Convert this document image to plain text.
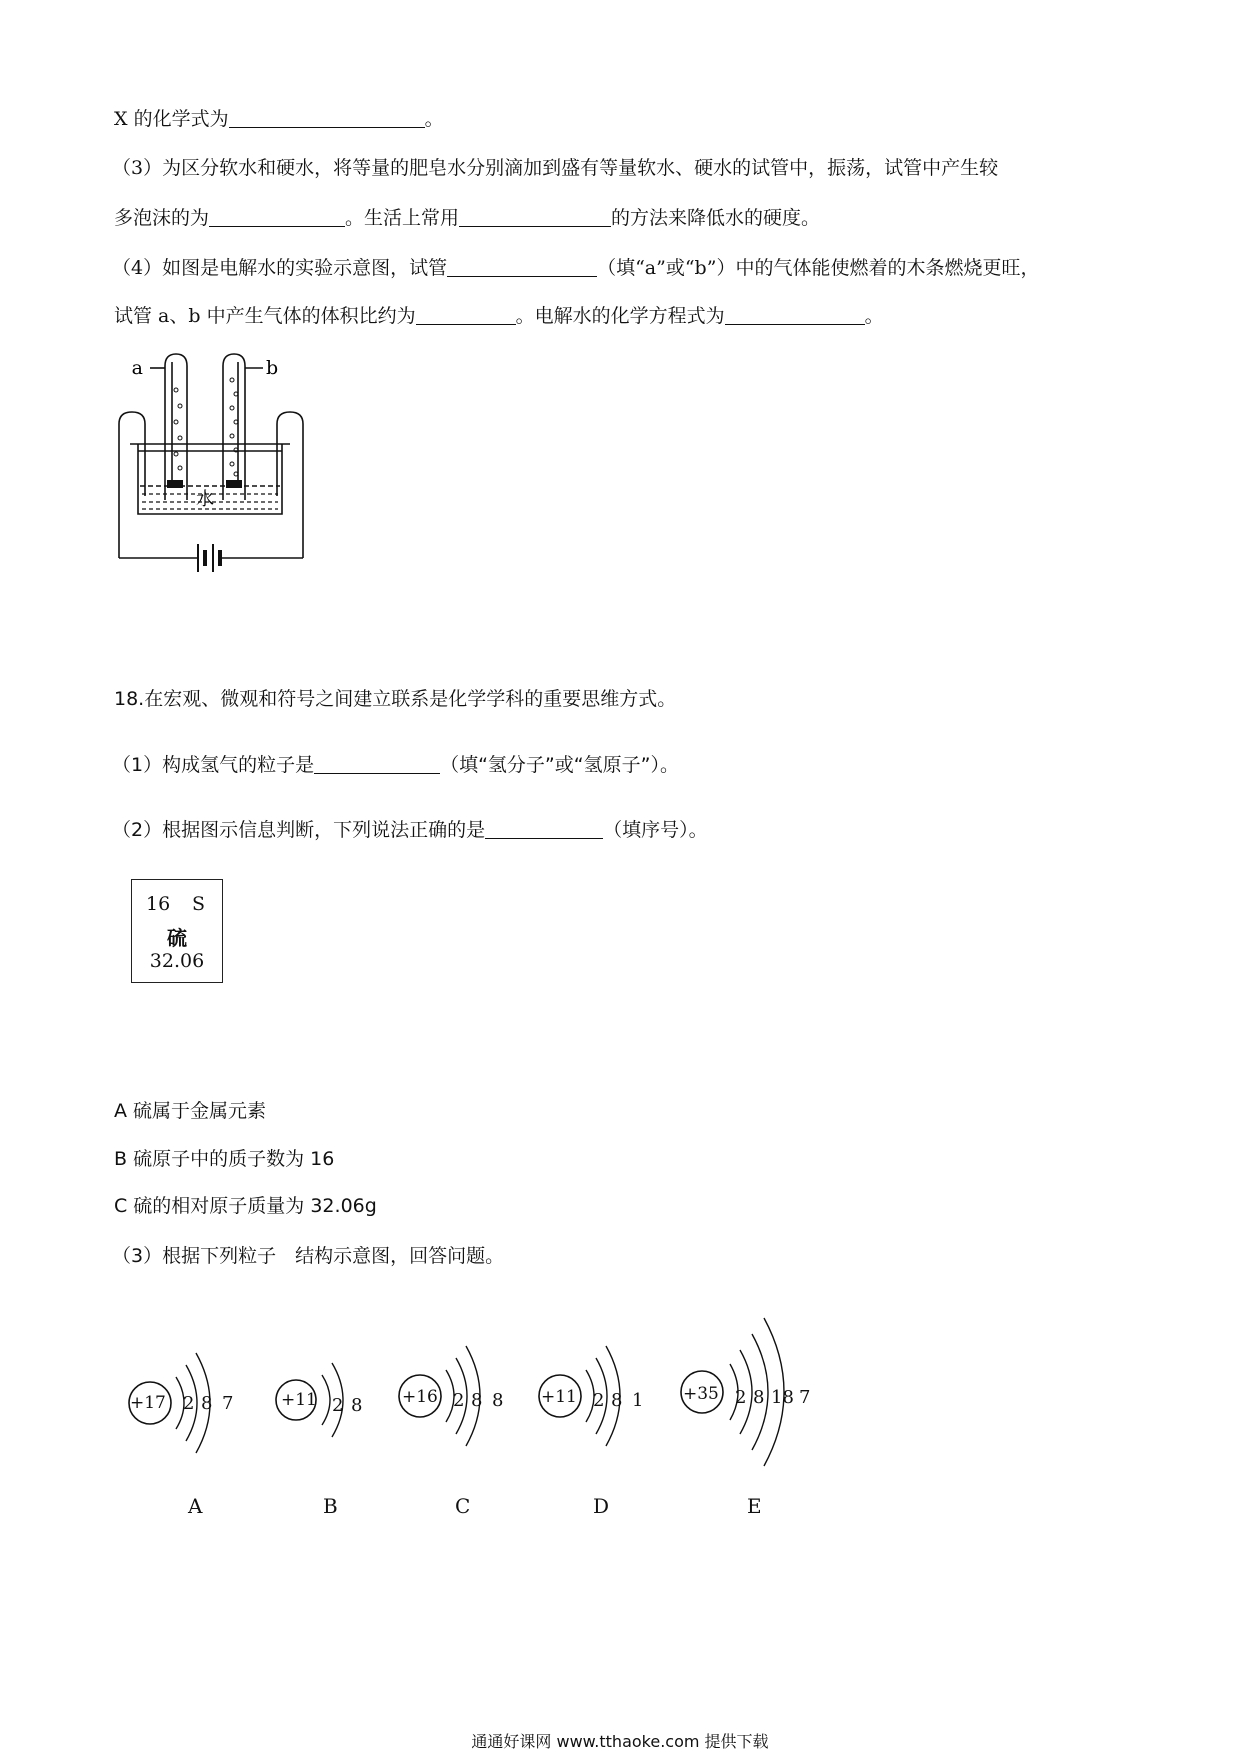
X 的化学式为	。
（3）为区分软水和硬水，将等量的肥皂水分别滴加到盛有等量软水、硬水的试管中，振荡，试管中产生较
多泡沫的为	。生活上常用	的方法来降低水的硬度。
（4）如图是电解水的实验示意图，试管	（填“a”或“b”）中的气体能使燃着的木条燃烧更旺，
试管 a、b 中产生气体的体积比约为	。电解水的化学方程式为	。
a	b
水
18.在宏观、微观和符号之间建立联系是化学学科的重要思维方式。
（1）构成氢气的粒子是	（填“氢分子”或“氢原子”）。
（2）根据图示信息判断，下列说法正确的是	（填序号）。
16 S
硫
32.06
A 硫属于金属元素
B 硫原子中的质子数为 16
C 硫的相对原子质量为 32.06g
（3）根据下列粒子　结构示意图，回答问题。
+17 2 8 7
A
+11 2 8
B
+16 2 8 8
C
+11 2 8 1
D
+35 2 8 18 7
E
通通好课网 www.tthaoke.com 提供下载
